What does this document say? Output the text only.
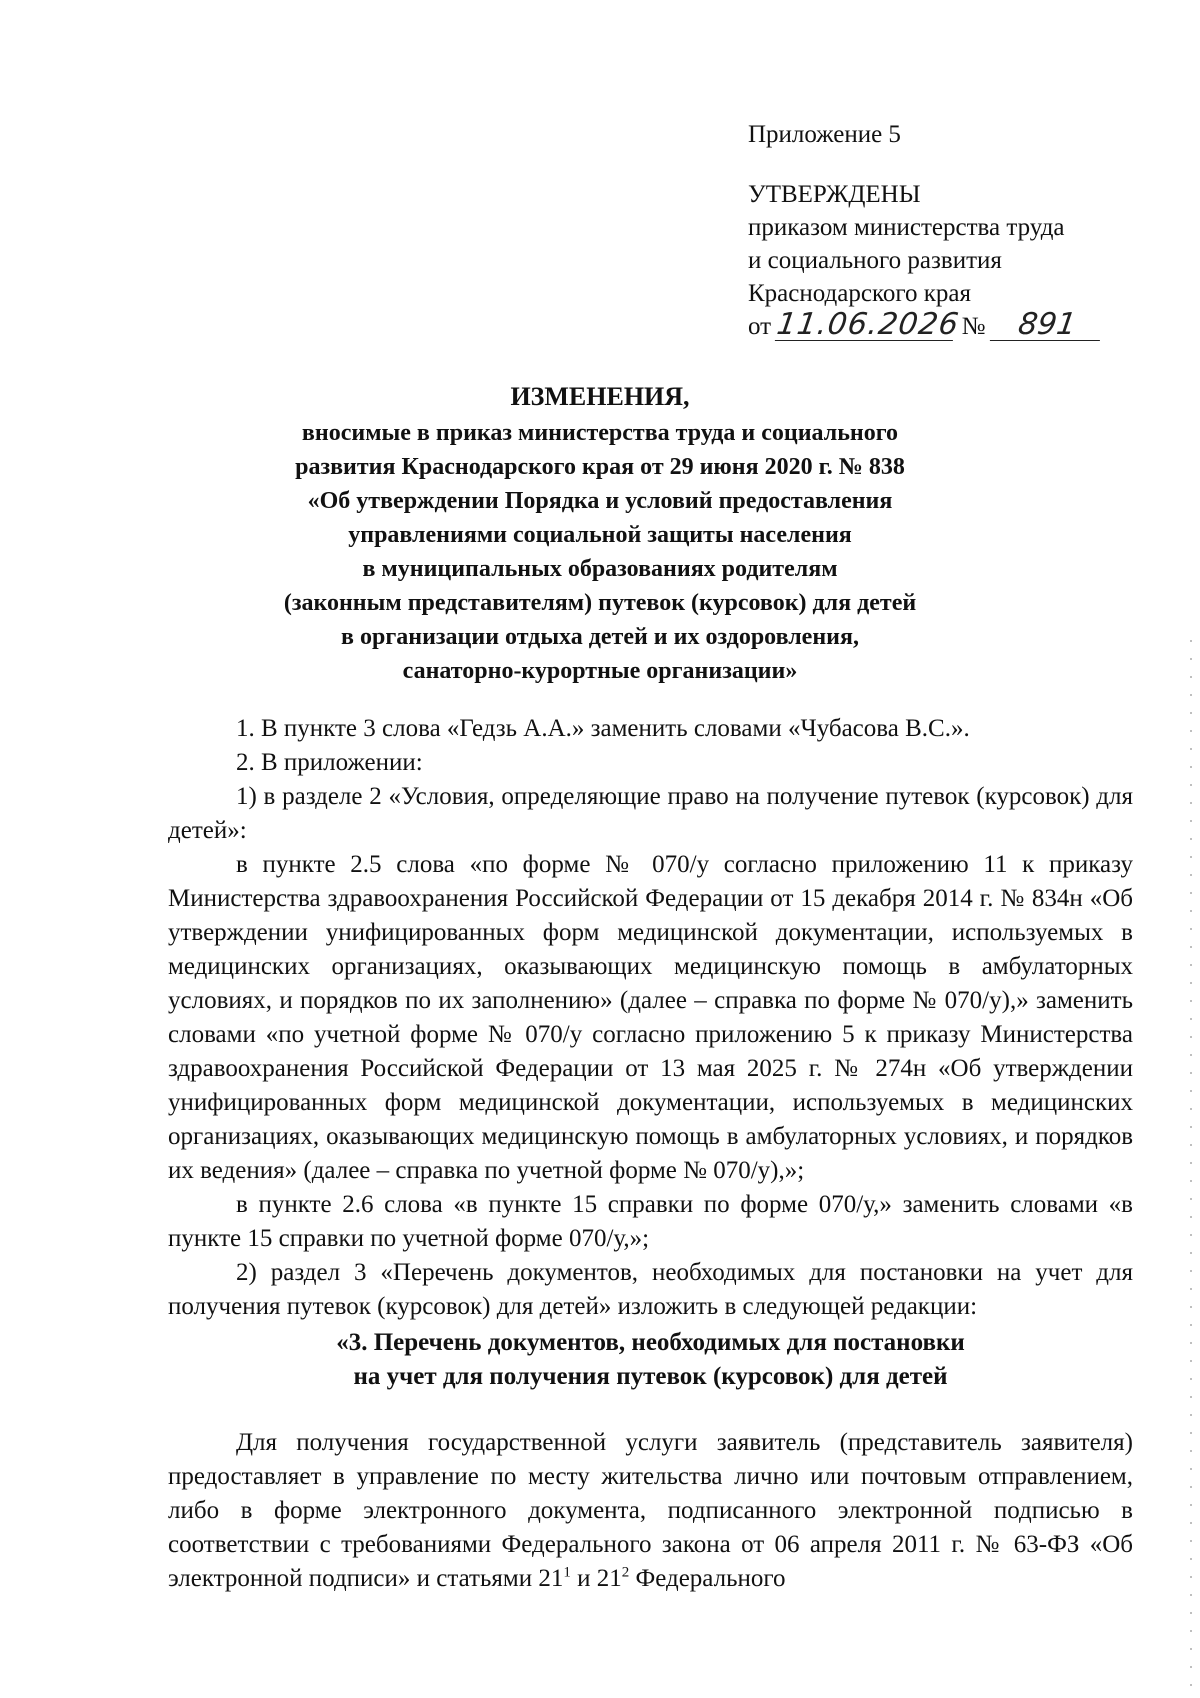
Приложение 5
УТВЕРЖДЕНЫ
приказом министерства труда
и социального развития
Краснодарского края
от 11.06.2026 № 891
ИЗМЕНЕНИЯ,
вносимые в приказ министерства труда и социального
развития Краснодарского края от 29 июня 2020 г. № 838
«Об утверждении Порядка и условий предоставления
управлениями социальной защиты населения
в муниципальных образованиях родителям
(законным представителям) путевок (курсовок) для детей
в организации отдыха детей и их оздоровления,
санаторно-курортные организации»

1. В пункте 3 слова «Гедзь А.А.» заменить словами «Чубасова В.С.».

2. В приложении:

1) в разделе 2 «Условия, определяющие право на получение путевок (курсовок) для детей»:

в пункте 2.5 слова «по форме № 070/у согласно приложению 11 к приказу Министерства здравоохранения Российской Федерации от 15 декабря 2014 г. № 834н «Об утверждении унифицированных форм медицинской документации, используемых в медицинских организациях, оказывающих медицинскую помощь в амбулаторных условиях, и порядков по их заполнению» (далее – справка по форме № 070/у),» заменить словами «по учетной форме № 070/у согласно приложению 5 к приказу Министерства здравоохранения Российской Федерации от 13 мая 2025 г. № 274н «Об утверждении унифицированных форм медицинской документации, используемых в медицинских организациях, оказывающих медицинскую помощь в амбулаторных условиях, и порядков их ведения» (далее – справка по учетной форме № 070/у),»;

в пункте 2.6 слова «в пункте 15 справки по форме 070/у,» заменить словами «в пункте 15 справки по учетной форме 070/у,»;

2) раздел 3 «Перечень документов, необходимых для постановки на учет для получения путевок (курсовок) для детей» изложить в следующей редакции:

«3. Перечень документов, необходимых для постановки

на учет для получения путевок (курсовок) для детей

Для получения государственной услуги заявитель (представитель заявителя) предоставляет в управление по месту жительства лично или почтовым отправлением, либо в форме электронного документа, подписанного электронной подписью в соответствии с требованиями Федерального закона от 06 апреля 2011 г. № 63-ФЗ «Об электронной подписи» и статьями $21^1$ и $21^2$ Федерального
